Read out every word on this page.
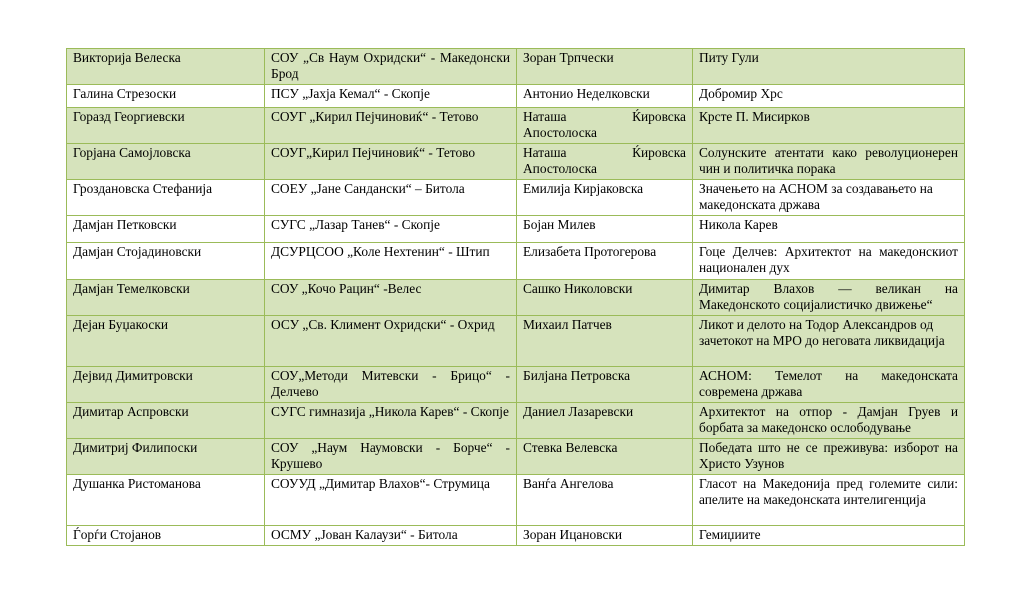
Викторија Велеска	СОУ „Св Наум Охридски“ - Македонски Брод	Зоран Трпчески	Питу Гули
Галина Стрезоски	ПСУ „Јахја Кемал“ - Скопје	Антонио Неделковски	Добромир Хрс
Горазд Георгиевски	СОУГ „Кирил Пејчиновиќ“ - Тетово	Наташа Ќировска Апостолоска	Крсте П. Мисирков
Горјана Самојловска	СОУГ„Кирил Пејчиновиќ“ - Тетово	Наташа Ќировска Апостолоска	Солунските атентати како револуционерен чин и политичка порака
Гроздановска Стефанија	СОЕУ „Јане Сандански“ – Битола	Емилија Кирјаковска	Значењето на АСНОМ за создавањето на македонската држава
Дамјан Петковски	СУГС „Лазар Танев“ - Скопје	Бојан Милев	Никола Карев
Дамјан Стојадиновски	ДСУРЦСОО „Коле Нехтенин“ - Штип	Елизабета Протогерова	Гоце Делчев: Архитектот на македонскиот национален дух
Дамјан Темелковски	СОУ „Кочо Рацин“ -Велес	Сашко Николовски	Димитар Влахов — великан на Македонското социјалистичко движење“
Дејан Буџакоски	ОСУ „Св. Климент Охридски“ - Охрид	Михаил Патчев	Ликот и делото на Тодор Александров од зачетокот на МРО до неговата ликвидација
Дејвид Димитровски	СОУ„Методи Митевски - Брицо“ - Делчево	Билјана Петровска	АСНОМ: Темелот на македонската современа држава
Димитар Аспровски	СУГС гимназија „Никола Карев“ - Скопје	Даниел Лазаревски	Архитектот на отпор - Дамјан Груев и борбата за македонско ослободување
Димитриј Филипоски	СОУ „Наум Наумовски - Борче“ - Крушево	Стевка Велевска	Победата што не се преживува: изборот на Христо Узунов
Душанка Ристоманова	СОУУД „Димитар Влахов“- Струмица	Ванѓа Ангелова	Гласот на Македонија пред големите сили: апелите на македонската интелигенција
Ѓорѓи Стојанов	ОСМУ „Јован Калаузи“ - Битола	Зоран Ицановски	Гемиџиите
